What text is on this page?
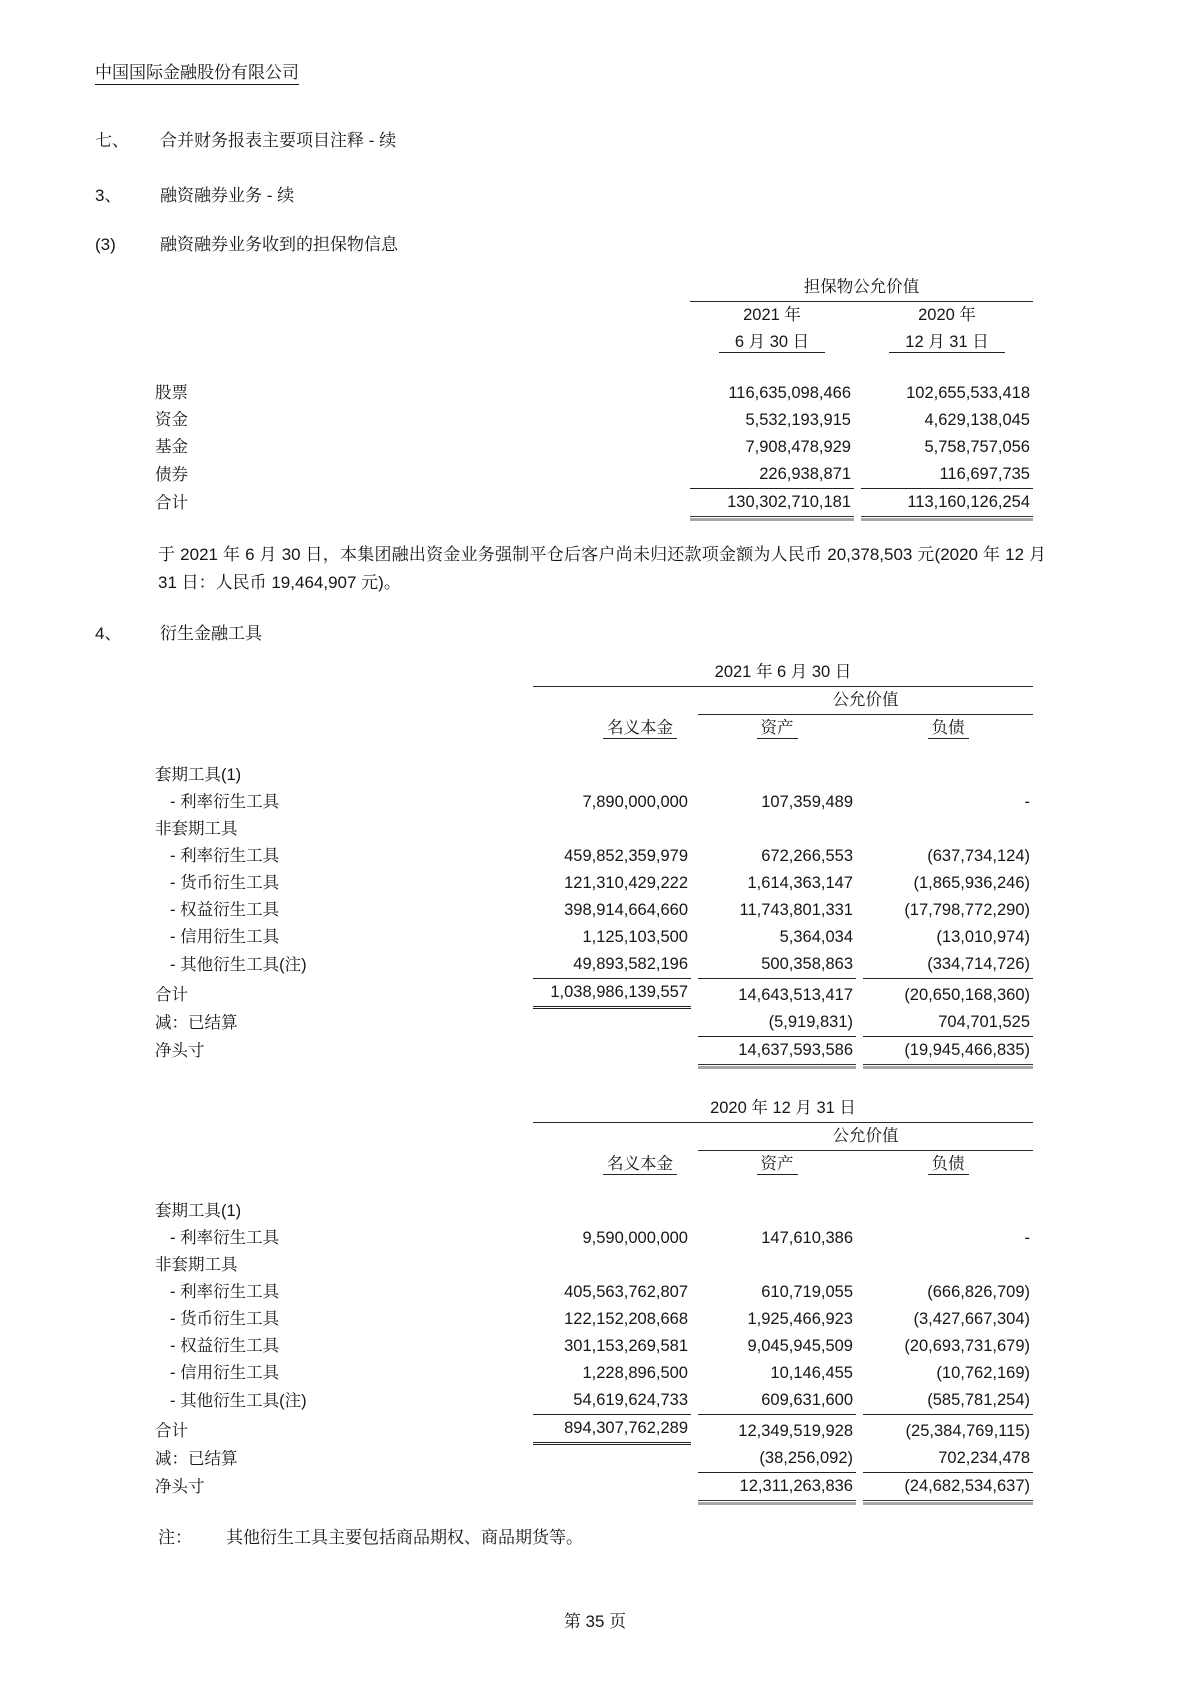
中国国际金融股份有限公司
七、	合并财务报表主要项目注释 - 续
3、	融资融券业务 - 续
(3)	融资融券业务收到的担保物信息
	担保物公允价值	
	2021 年	2020 年
	6 月 30 日	12 月 31 日

股票	116,635,098,466	102,655,533,418
资金	5,532,193,915	4,629,138,045
基金	7,908,478,929	5,758,757,056
债券	226,938,871	116,697,735
合计	130,302,710,181	113,160,126,254

于 2021 年 6 月 30 日，本集团融出资金业务强制平仓后客户尚未归还款项金额为人民币 20,378,503 元(2020 年 12 月 31 日：人民币 19,464,907 元)。

4、	衍生金融工具
	2021 年 6 月 30 日		
		公允价值	
	名义本金	资产	负债

套期工具(1)			
- 利率衍生工具	7,890,000,000	107,359,489	-
非套期工具			
- 利率衍生工具	459,852,359,979	672,266,553	(637,734,124)
- 货币衍生工具	121,310,429,222	1,614,363,147	(1,865,936,246)
- 权益衍生工具	398,914,664,660	11,743,801,331	(17,798,772,290)
- 信用衍生工具	1,125,103,500	5,364,034	(13,010,974)
- 其他衍生工具(注)	49,893,582,196	500,358,863	(334,714,726)
合计	1,038,986,139,557	14,643,513,417	(20,650,168,360)
减：已结算		(5,919,831)	704,701,525
净头寸		14,637,593,586	(19,945,466,835)
	2020 年 12 月 31 日		
		公允价值	
	名义本金	资产	负债

套期工具(1)			
- 利率衍生工具	9,590,000,000	147,610,386	-
非套期工具			
- 利率衍生工具	405,563,762,807	610,719,055	(666,826,709)
- 货币衍生工具	122,152,208,668	1,925,466,923	(3,427,667,304)
- 权益衍生工具	301,153,269,581	9,045,945,509	(20,693,731,679)
- 信用衍生工具	1,228,896,500	10,146,455	(10,762,169)
- 其他衍生工具(注)	54,619,624,733	609,631,600	(585,781,254)
合计	894,307,762,289	12,349,519,928	(25,384,769,115)
减：已结算		(38,256,092)	702,234,478
净头寸		12,311,263,836	(24,682,534,637)
注： 其他衍生工具主要包括商品期权、商品期货等。
第 35 页
